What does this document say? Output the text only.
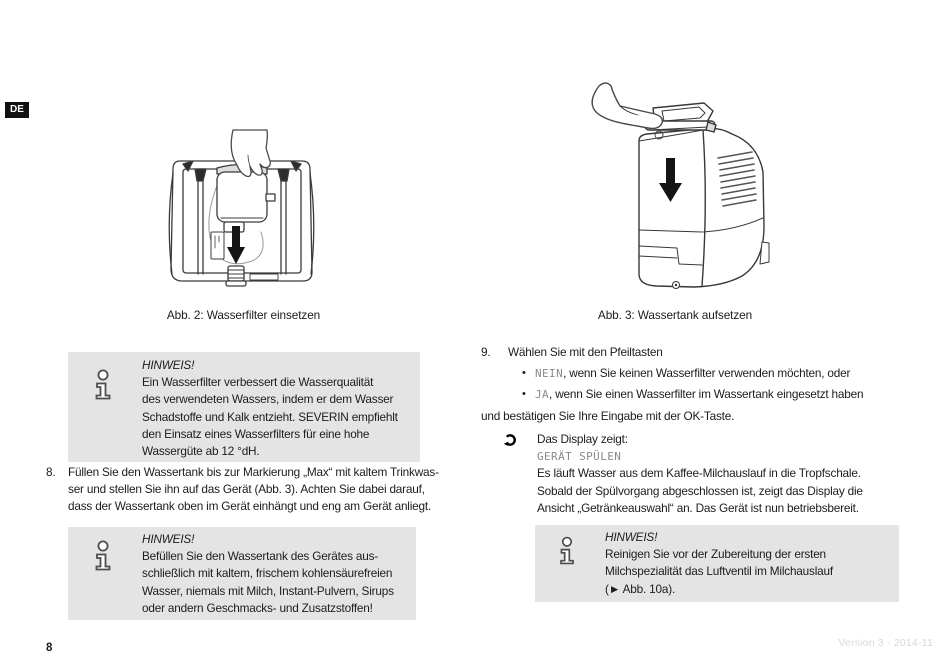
DE
Abb. 2: Wasserfilter einsetzen	Abb. 3: Wassertank aufsetzen
HINWEIS!
Ein Wasserfilter verbessert die Wasserqualität
des verwendeten Wassers, indem er dem Wasser
Schadstoffe und Kalk entzieht. SEVERIN empfiehlt
den Einsatz eines Wasserfilters für eine hohe
Wassergüte ab 12 °dH.
8. Füllen Sie den Wassertank bis zur Markierung „Max“ mit kaltem Trinkwas-
ser und stellen Sie ihn auf das Gerät (Abb. 3). Achten Sie dabei darauf,
dass der Wassertank oben im Gerät einhängt und eng am Gerät anliegt.
HINWEIS!
Befüllen Sie den Wassertank des Gerätes aus-
schließlich mit kaltem, frischem kohlensäurefreien
Wasser, niemals mit Milch, Instant-Pulvern, Sirups
oder andern Geschmacks- und Zusatzstoffen!
9. Wählen Sie mit den Pfeiltasten
• NEIN, wenn Sie keinen Wasserfilter verwenden möchten, oder
• JA, wenn Sie einen Wasserfilter im Wassertank eingesetzt haben
und bestätigen Sie Ihre Eingabe mit der OK-Taste.
Das Display zeigt:
GERÄT SPÜLEN
Es läuft Wasser aus dem Kaffee-Milchauslauf in die Tropfschale.
Sobald der Spülvorgang abgeschlossen ist, zeigt das Display die
Ansicht „Getränkeauswahl“ an. Das Gerät ist nun betriebsbereit.
HINWEIS!
Reinigen Sie vor der Zubereitung der ersten
Milchspezialität das Luftventil im Milchauslauf
(► Abb. 10a).
8	Version 3 - 2014-11
